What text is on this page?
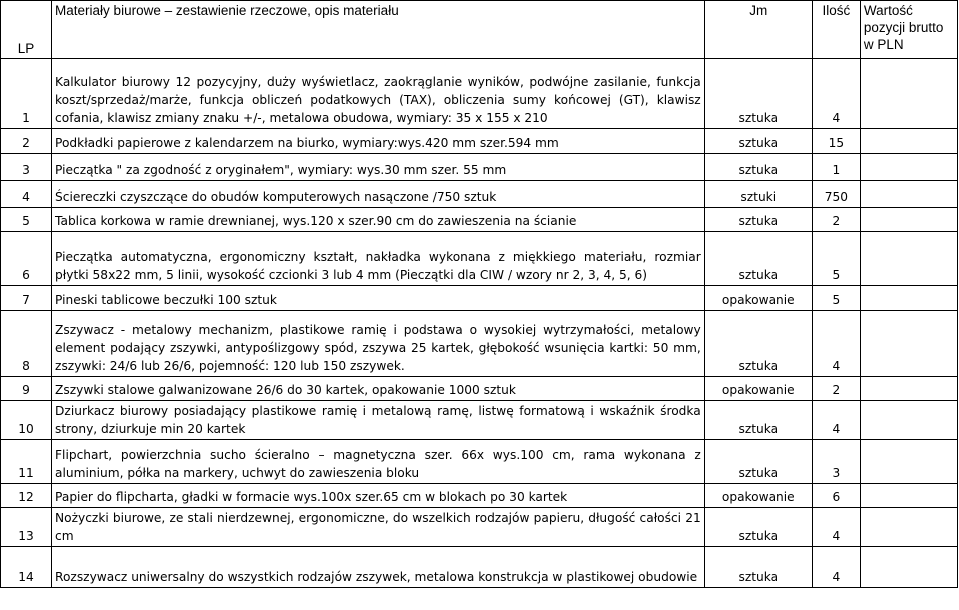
LP	Materiały biurowe – zestawienie rzeczowe, opis materiału	Jm	Ilość	Wartość pozycji brutto w PLN
1	Kalkulator biurowy 12 pozycyjny, duży wyświetlacz, zaokrąglanie wyników, podwójne zasilanie, funkcja koszt/sprzedaż/marże, funkcja obliczeń podatkowych (TAX), obliczenia sumy końcowej (GT), klawisz cofania, klawisz zmiany znaku +/-, metalowa obudowa, wymiary: 35 x 155 x 210	sztuka	4	
2	Podkładki papierowe z kalendarzem na biurko, wymiary:wys.420 mm szer.594 mm	sztuka	15	
3	Pieczątka " za zgodność z oryginałem", wymiary: wys.30 mm szer. 55 mm	sztuka	1	
4	Ściereczki czyszczące do obudów komputerowych nasączone /750 sztuk	sztuki	750	
5	Tablica korkowa w ramie drewnianej, wys.120 x szer.90 cm do zawieszenia na ścianie	sztuka	2	
6	Pieczątka automatyczna, ergonomiczny kształt, nakładka wykonana z miękkiego materiału, rozmiar płytki 58x22 mm, 5 linii, wysokość czcionki 3 lub 4 mm (Pieczątki dla CIW / wzory nr 2, 3, 4, 5, 6)	sztuka	5	
7	Pineski tablicowe beczułki 100 sztuk	opakowanie	5	
8	Zszywacz - metalowy mechanizm, plastikowe ramię i podstawa o wysokiej wytrzymałości, metalowy element podający zszywki, antypoślizgowy spód, zszywa 25 kartek, głębokość wsunięcia kartki: 50 mm, zszywki: 24/6 lub 26/6, pojemność: 120 lub 150 zszywek.	sztuka	4	
9	Zszywki stalowe galwanizowane 26/6 do 30 kartek, opakowanie 1000 sztuk	opakowanie	2	
10	Dziurkacz biurowy posiadający plastikowe ramię i metalową ramę, listwę formatową i wskaźnik środka strony, dziurkuje min 20 kartek	sztuka	4	
11	Flipchart, powierzchnia sucho ścieralno – magnetyczna szer. 66x wys.100 cm, rama wykonana z aluminium, półka na markery, uchwyt do zawieszenia bloku	sztuka	3	
12	Papier do flipcharta, gładki w formacie wys.100x szer.65 cm w blokach po 30 kartek	opakowanie	6	
13	Nożyczki biurowe, ze stali nierdzewnej, ergonomiczne, do wszelkich rodzajów papieru, długość całości 21 cm	sztuka	4	
14	Rozszywacz uniwersalny do wszystkich rodzajów zszywek, metalowa konstrukcja w plastikowej obudowie	sztuka	4	
